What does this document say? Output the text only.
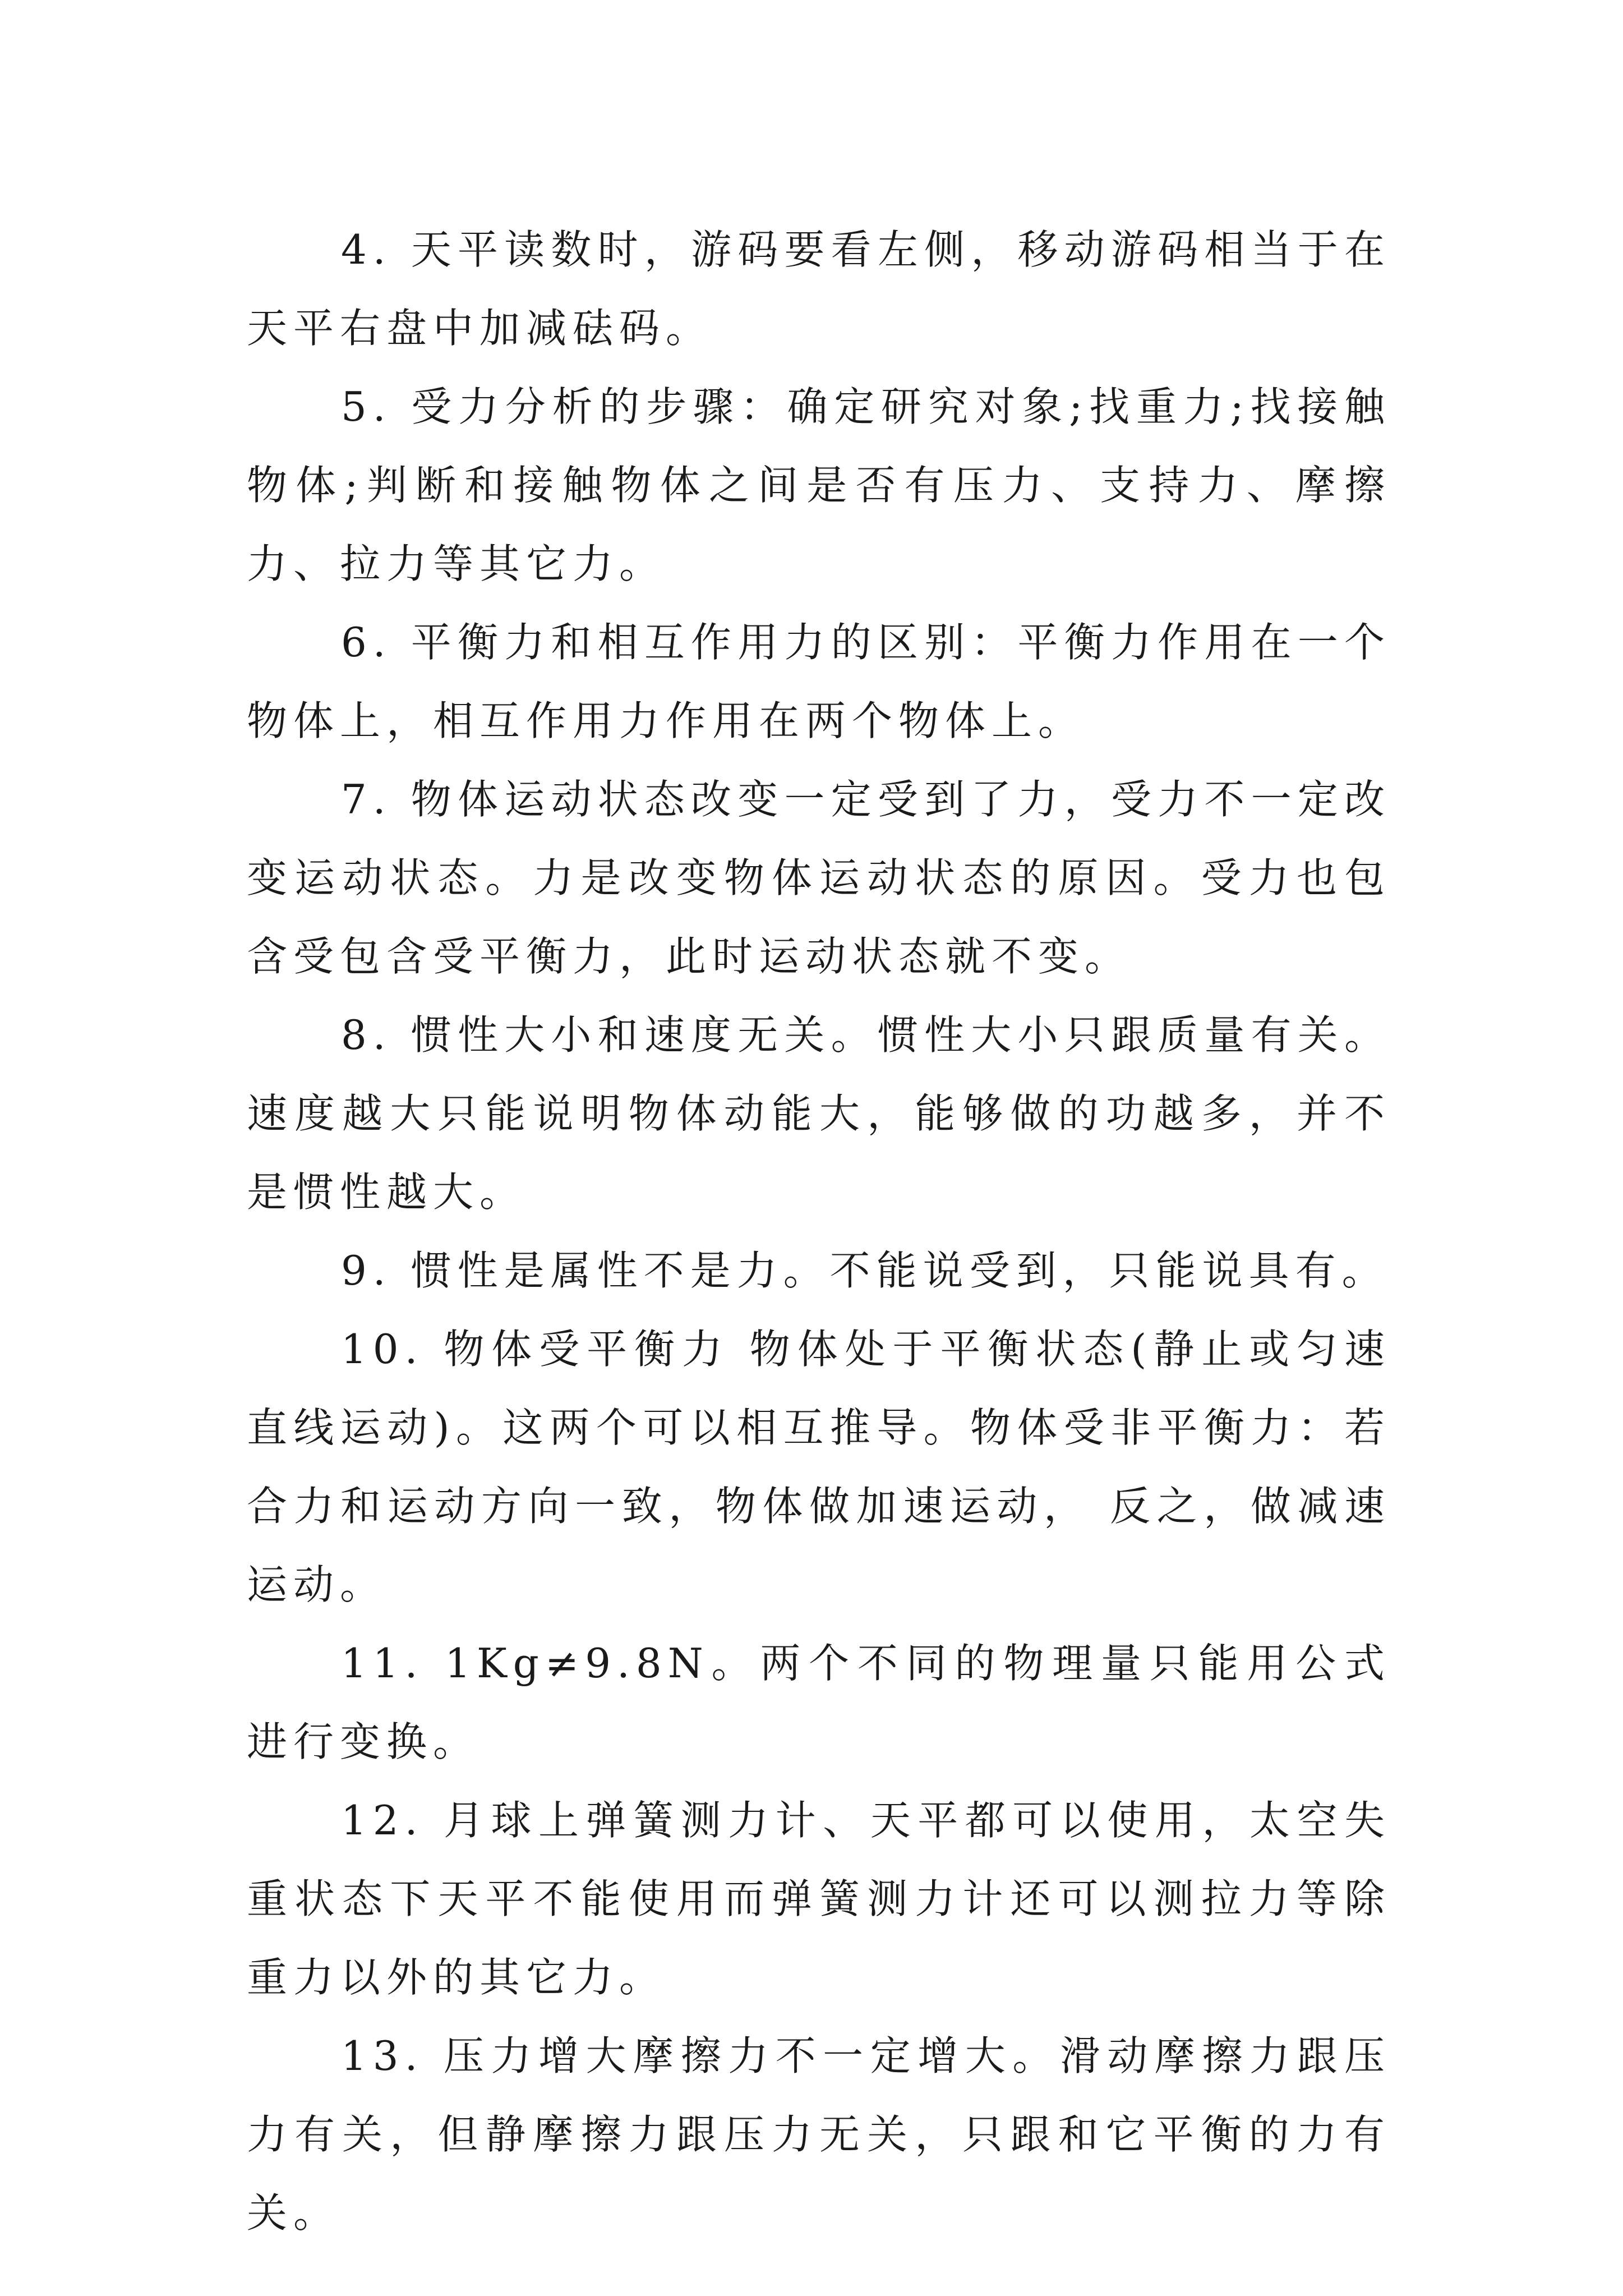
4. 天平读数时，游码要看左侧，移动游码相当于在天平右盘中加减砝码。

5. 受力分析的步骤：确定研究对象;找重力;找接触物体;判断和接触物体之间是否有压力、支持力、摩擦力、拉力等其它力。

6. 平衡力和相互作用力的区别：平衡力作用在一个物体上，相互作用力作用在两个物体上。

7. 物体运动状态改变一定受到了力，受力不一定改变运动状态。力是改变物体运动状态的原因。受力也包含受包含受平衡力，此时运动状态就不变。

8. 惯性大小和速度无关。惯性大小只跟质量有关。速度越大只能说明物体动能大，能够做的功越多，并不是惯性越大。

9. 惯性是属性不是力。不能说受到，只能说具有。

10. 物体受平衡力 物体处于平衡状态(静止或匀速直线运动)。这两个可以相互推导。物体受非平衡力：若合力和运动方向一致，物体做加速运动， 反之，做减速运动。

11. 1Kg≠9.8N。两个不同的物理量只能用公式进行变换。

12. 月球上弹簧测力计、天平都可以使用，太空失重状态下天平不能使用而弹簧测力计还可以测拉力等除重力以外的其它力。

13. 压力增大摩擦力不一定增大。滑动摩擦力跟压力有关，但静摩擦力跟压力无关，只跟和它平衡的力有关。
